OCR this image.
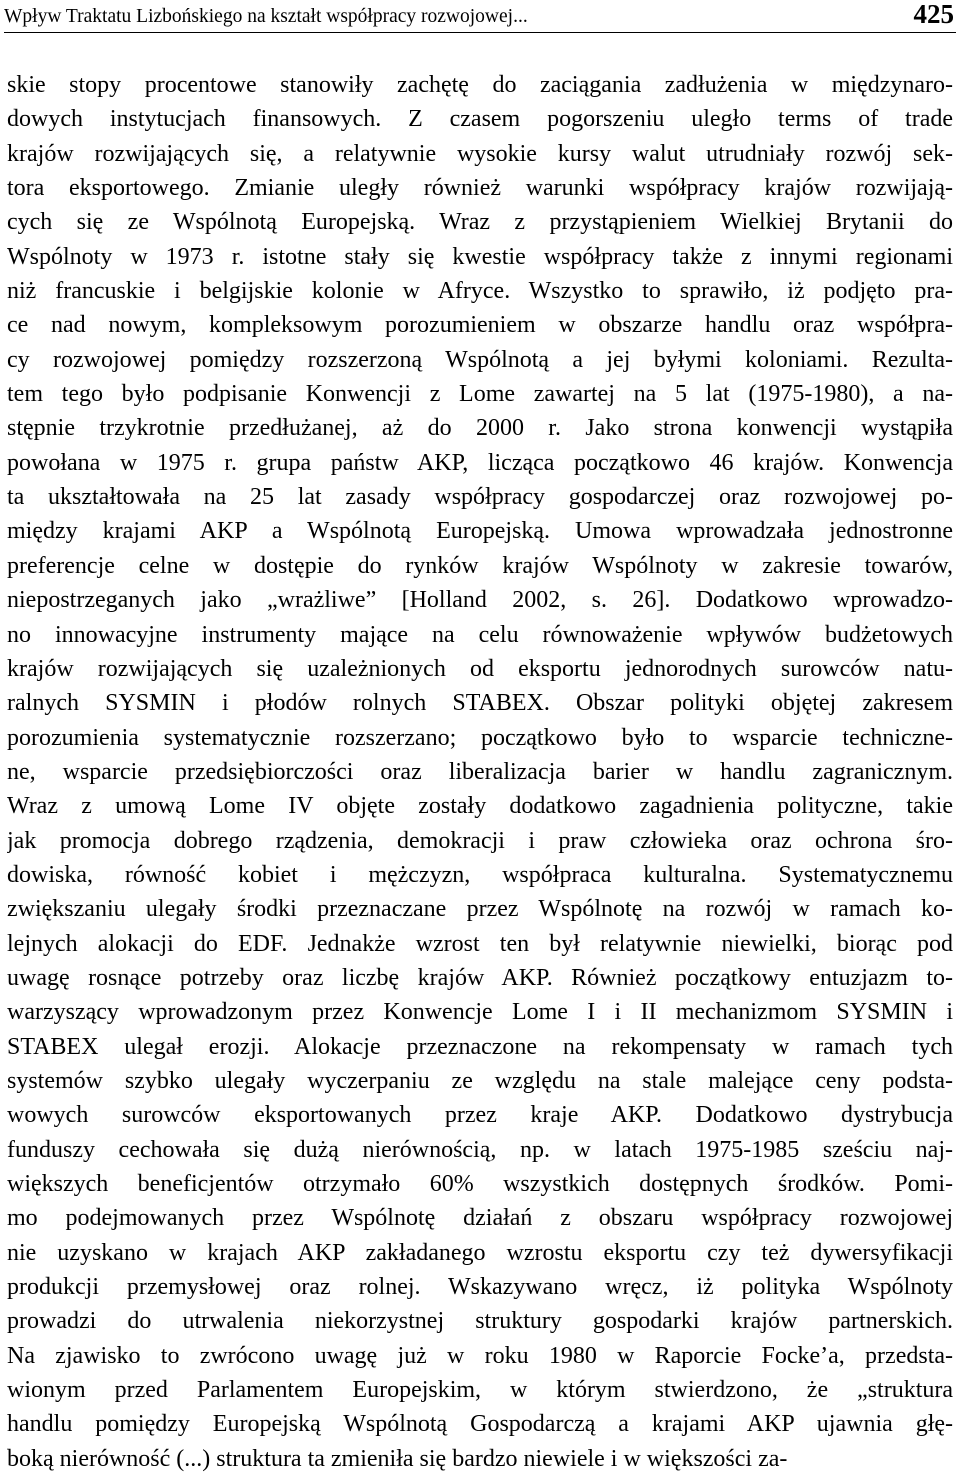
Wpływ Traktatu Lizbońskiego na kształt współpracy rozwojowej...	425
skie stopy procentowe stanowiły zachętę do zaciągania zadłużenia w międzynaro-
dowych instytucjach finansowych. Z czasem pogorszeniu uległo terms of trade
krajów rozwijających się, a relatywnie wysokie kursy walut utrudniały rozwój sek-
tora eksportowego. Zmianie uległy również warunki współpracy krajów rozwijają-
cych się ze Wspólnotą Europejską. Wraz z przystąpieniem Wielkiej Brytanii do
Wspólnoty w 1973 r. istotne stały się kwestie współpracy także z innymi regionami
niż francuskie i belgijskie kolonie w Afryce. Wszystko to sprawiło, iż podjęto pra-
ce nad nowym, kompleksowym porozumieniem w obszarze handlu oraz współpra-
cy rozwojowej pomiędzy rozszerzoną Wspólnotą a jej byłymi koloniami. Rezulta-
tem tego było podpisanie Konwencji z Lome zawartej na 5 lat (1975-1980), a na-
stępnie trzykrotnie przedłużanej, aż do 2000 r. Jako strona konwencji wystąpiła
powołana w 1975 r. grupa państw AKP, licząca początkowo 46 krajów. Konwencja
ta ukształtowała na 25 lat zasady współpracy gospodarczej oraz rozwojowej po-
między krajami AKP a Wspólnotą Europejską. Umowa wprowadzała jednostronne
preferencje celne w dostępie do rynków krajów Wspólnoty w zakresie towarów,
niepostrzeganych jako „wrażliwe” [Holland 2002, s. 26]. Dodatkowo wprowadzo-
no innowacyjne instrumenty mające na celu równoważenie wpływów budżetowych
krajów rozwijających się uzależnionych od eksportu jednorodnych surowców natu-
ralnych SYSMIN i płodów rolnych STABEX. Obszar polityki objętej zakresem
porozumienia systematycznie rozszerzano; początkowo było to wsparcie techniczne-
ne, wsparcie przedsiębiorczości oraz liberalizacja barier w handlu zagranicznym.
Wraz z umową Lome IV objęte zostały dodatkowo zagadnienia polityczne, takie
jak promocja dobrego rządzenia, demokracji i praw człowieka oraz ochrona śro-
dowiska, równość kobiet i mężczyzn, współpraca kulturalna. Systematycznemu
zwiększaniu ulegały środki przeznaczane przez Wspólnotę na rozwój w ramach ko-
lejnych alokacji do EDF. Jednakże wzrost ten był relatywnie niewielki, biorąc pod
uwagę rosnące potrzeby oraz liczbę krajów AKP. Również początkowy entuzjazm to-
warzyszący wprowadzonym przez Konwencje Lome I i II mechanizmom SYSMIN i
STABEX ulegał erozji. Alokacje przeznaczone na rekompensaty w ramach tych
systemów szybko ulegały wyczerpaniu ze względu na stale malejące ceny podsta-
wowych surowców eksportowanych przez kraje AKP. Dodatkowo dystrybucja
funduszy cechowała się dużą nierównością, np. w latach 1975-1985 sześciu naj-
większych beneficjentów otrzymało 60% wszystkich dostępnych środków. Pomi-
mo podejmowanych przez Wspólnotę działań z obszaru współpracy rozwojowej
nie uzyskano w krajach AKP zakładanego wzrostu eksportu czy też dywersyfikacji
produkcji przemysłowej oraz rolnej. Wskazywano wręcz, iż polityka Wspólnoty
prowadzi do utrwalenia niekorzystnej struktury gospodarki krajów partnerskich.
Na zjawisko to zwrócono uwagę już w roku 1980 w Raporcie Focke’a, przedsta-
wionym przed Parlamentem Europejskim, w którym stwierdzono, że „struktura
handlu pomiędzy Europejską Wspólnotą Gospodarczą a krajami AKP ujawnia głę-
boką nierówność (...) struktura ta zmieniła się bardzo niewiele i w większości za-
